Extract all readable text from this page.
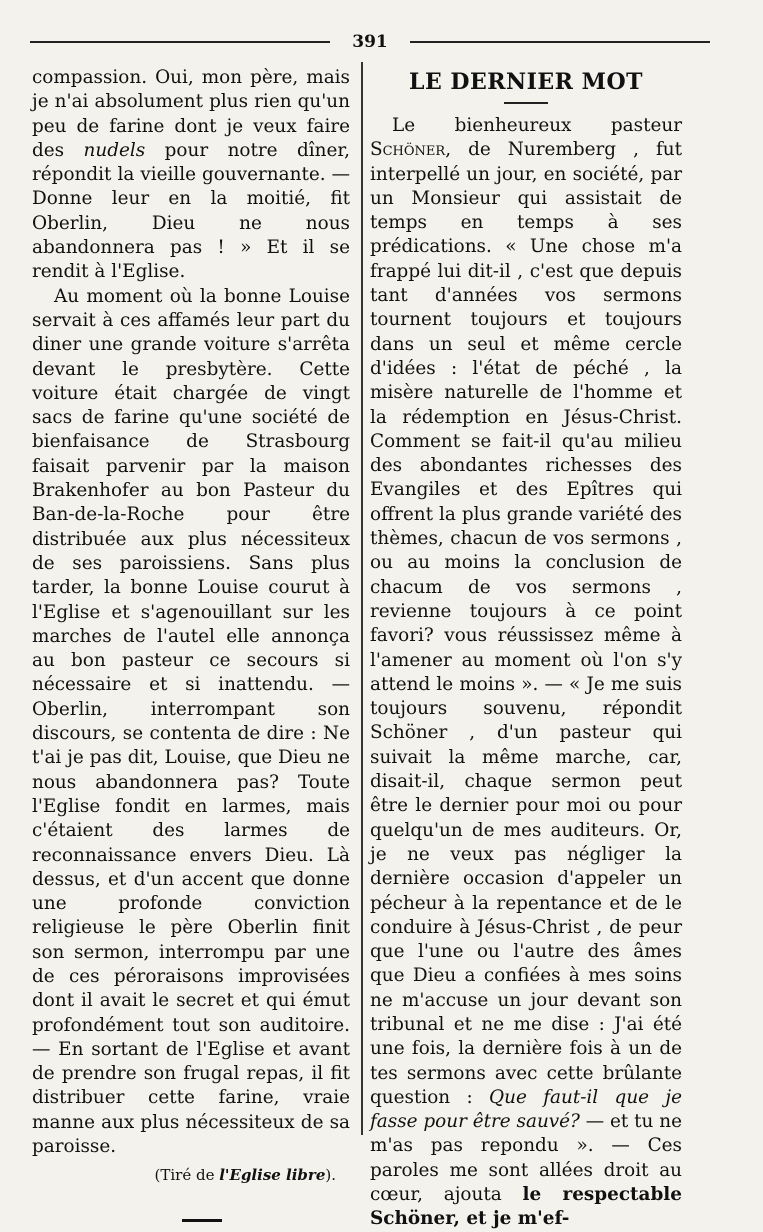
391

compassion. Oui, mon père, mais je n'ai absolument plus rien qu'un peu de farine dont je veux faire des nudels pour notre dîner, répondit la vieille gouvernante. — Donne leur en la moitié, fit Oberlin, Dieu ne nous abandonnera pas ! » Et il se rendit à l'Eglise.

Au moment où la bonne Louise servait à ces affamés leur part du diner une grande voiture s'arrêta devant le presbytère. Cette voiture était chargée de vingt sacs de farine qu'une société de bienfaisance de Strasbourg faisait parvenir par la maison Brakenhofer au bon Pasteur du Ban-de-la-Roche pour être distribuée aux plus nécessiteux de ses paroissiens. Sans plus tarder, la bonne Louise courut à l'Eglise et s'agenouillant sur les marches de l'autel elle annonça au bon pasteur ce secours si nécessaire et si inattendu. —Oberlin, interrompant son discours, se contenta de dire : Ne t'ai je pas dit, Louise, que Dieu ne nous abandonnera pas? Toute l'Eglise fondit en larmes, mais c'étaient des larmes de reconnaissance envers Dieu. Là dessus, et d'un accent que donne une profonde conviction religieuse le père Oberlin finit son sermon, interrompu par une de ces péroraisons improvisées dont il avait le secret et qui émut profondément tout son auditoire. — En sortant de l'Eglise et avant de prendre son frugal repas, il fit distribuer cette farine, vraie manne aux plus nécessiteux de sa paroisse.

(Tiré de l'Eglise libre).
LE DERNIER MOT

Le bienheureux pasteur Schöner, de Nuremberg , fut interpellé un jour, en société, par un Monsieur qui assistait de temps en temps à ses prédications. « Une chose m'a frappé lui dit-il , c'est que depuis tant d'années vos sermons tournent toujours et toujours dans un seul et même cercle d'idées : l'état de péché , la misère naturelle de l'homme et la rédemption en Jésus-Christ. Comment se fait-il qu'au milieu des abondantes richesses des Evangiles et des Epîtres qui offrent la plus grande variété des thèmes, chacun de vos sermons , ou au moins la conclusion de chacum de vos sermons , revienne toujours à ce point favori? vous réussissez même à l'amener au moment où l'on s'y attend le moins ». — « Je me suis toujours souvenu, répondit Schöner , d'un pasteur qui suivait la même marche, car, disait-il, chaque sermon peut être le dernier pour moi ou pour quelqu'un de mes auditeurs. Or, je ne veux pas négliger la dernière occasion d'appeler un pécheur à la repentance et de le conduire à Jésus-Christ , de peur que l'une ou l'autre des âmes que Dieu a confiées à mes soins ne m'accuse un jour devant son tribunal et ne me dise : J'ai été une fois, la dernière fois à un de tes sermons avec cette brûlante question : Que faut-il que je fasse pour être sauvé? — et tu ne m'as pas repondu ». — Ces paroles me sont allées droit au cœur, ajouta le respectable Schöner, et je m'ef-
